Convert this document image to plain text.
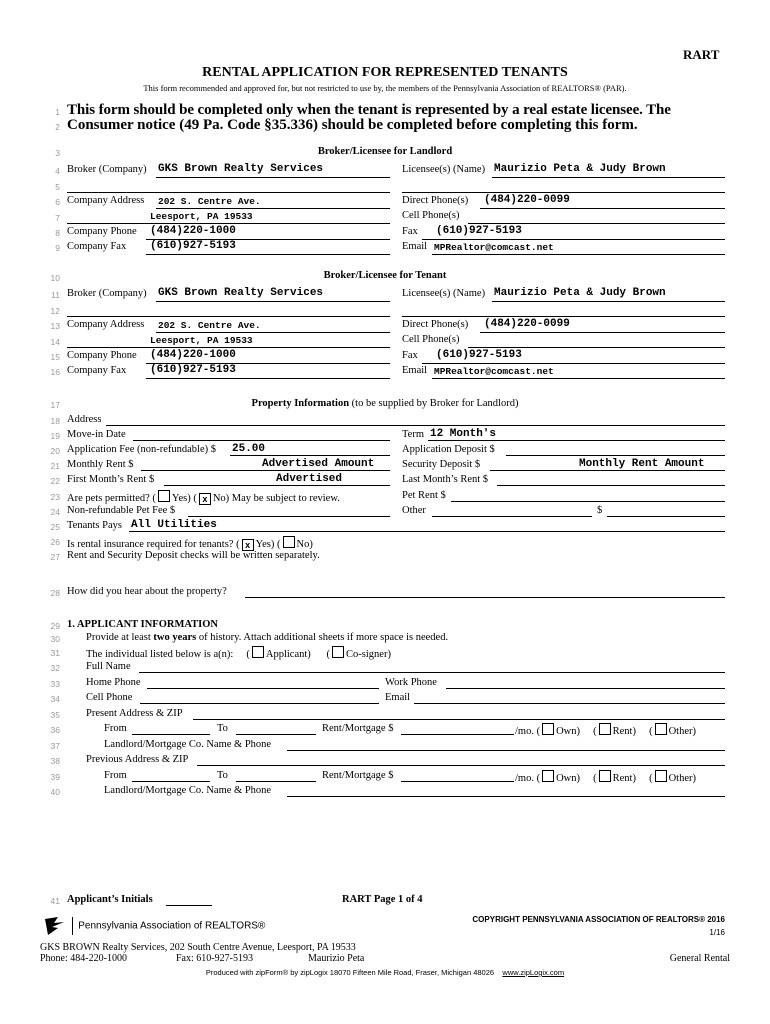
RART
RENTAL APPLICATION FOR REPRESENTED TENANTS
This form recommended and approved for, but not restricted to use by, the members of the Pennsylvania Association of REALTORS® (PAR).
1
2
This form should be completed only when the tenant is represented by a real estate licensee. The
Consumer notice (49 Pa. Code §35.336) should be completed before completing this form.
3	Broker/Licensee for Landlord
4 Broker (Company) GKS Brown Realty Services	Licensee(s) (Name) Maurizio Peta & Judy Brown
5
6 Company Address 202 S. Centre Ave.	Direct Phone(s) (484)220-0099
7	Leesport, PA 19533	Cell Phone(s)
8 Company Phone (484)220-1000	Fax (610)927-5193
9 Company Fax (610)927-5193	Email MPRealtor@comcast.net
10	Broker/Licensee for Tenant
11 Broker (Company) GKS Brown Realty Services	Licensee(s) (Name) Maurizio Peta & Judy Brown
12
13 Company Address 202 S. Centre Ave.	Direct Phone(s) (484)220-0099
14	Leesport, PA 19533	Cell Phone(s)
15 Company Phone (484)220-1000	Fax (610)927-5193
16 Company Fax (610)927-5193	Email MPRealtor@comcast.net
17	Property Information (to be supplied by Broker for Landlord)
18 Address
19 Move-in Date	Term 12 Month's
20 Application Fee (non-refundable) $ 25.00	Application Deposit $
21 Monthly Rent $	Advertised Amount	Security Deposit $	Monthly Rent Amount
22 First Month’s Rent $	Advertised	Last Month’s Rent $
23 Are pets permitted? ( Yes) ( x No) May be subject to review.	Pet Rent $
24 Non-refundable Pet Fee $	Other	$
25 Tenants Pays All Utilities
26 Is rental insurance required for tenants? ( x Yes) ( No)
27 Rent and Security Deposit checks will be written separately.
28 How did you hear about the property?
29 1. APPLICANT INFORMATION
30 Provide at least two years of history. Attach additional sheets if more space is needed.
31 The individual listed below is a(n): ( Applicant) ( Co-signer)
32 Full Name
33 Home Phone	Work Phone
34 Cell Phone	Email
35 Present Address & ZIP
36	From	To	Rent/Mortgage $	/mo. ( Own) ( Rent) ( Other)
37	Landlord/Mortgage Co. Name & Phone
38 Previous Address & ZIP
39	From	To	Rent/Mortgage $	/mo. ( Own) ( Rent) ( Other)
40	Landlord/Mortgage Co. Name & Phone
41 Applicant’s Initials	RART Page 1 of 4
Pennsylvania Association of REALTORS®
COPYRIGHT PENNSYLVANIA ASSOCIATION OF REALTORS® 2016
1/16
GKS BROWN Realty Services, 202 South Centre Avenue, Leesport, PA 19533
Phone: 484-220-1000	Fax: 610-927-5193	Maurizio Peta	General Rental
Produced with zipForm® by zipLogix 18070 Fifteen Mile Road, Fraser, Michigan 48026 www.zipLogix.com
